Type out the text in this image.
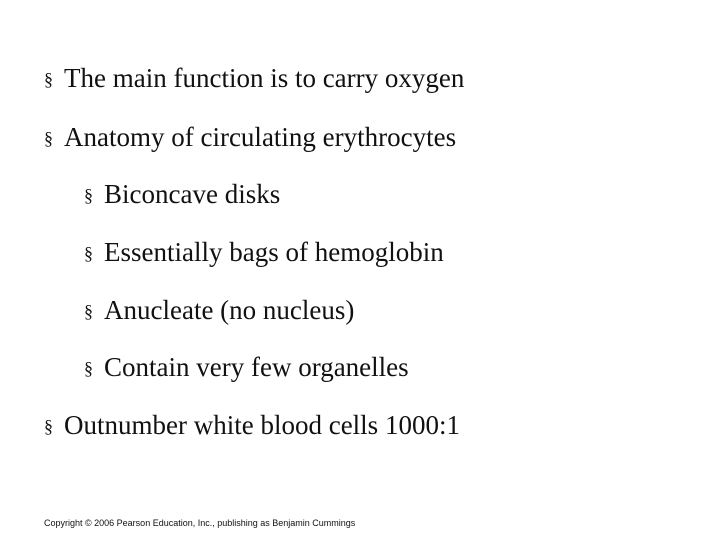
§ The main function is to carry oxygen
§ Anatomy of circulating erythrocytes
§ Biconcave disks
§ Essentially bags of hemoglobin
§ Anucleate (no nucleus)
§ Contain very few organelles
§ Outnumber white blood cells 1000:1
Copyright © 2006 Pearson Education, Inc., publishing as Benjamin Cummings
